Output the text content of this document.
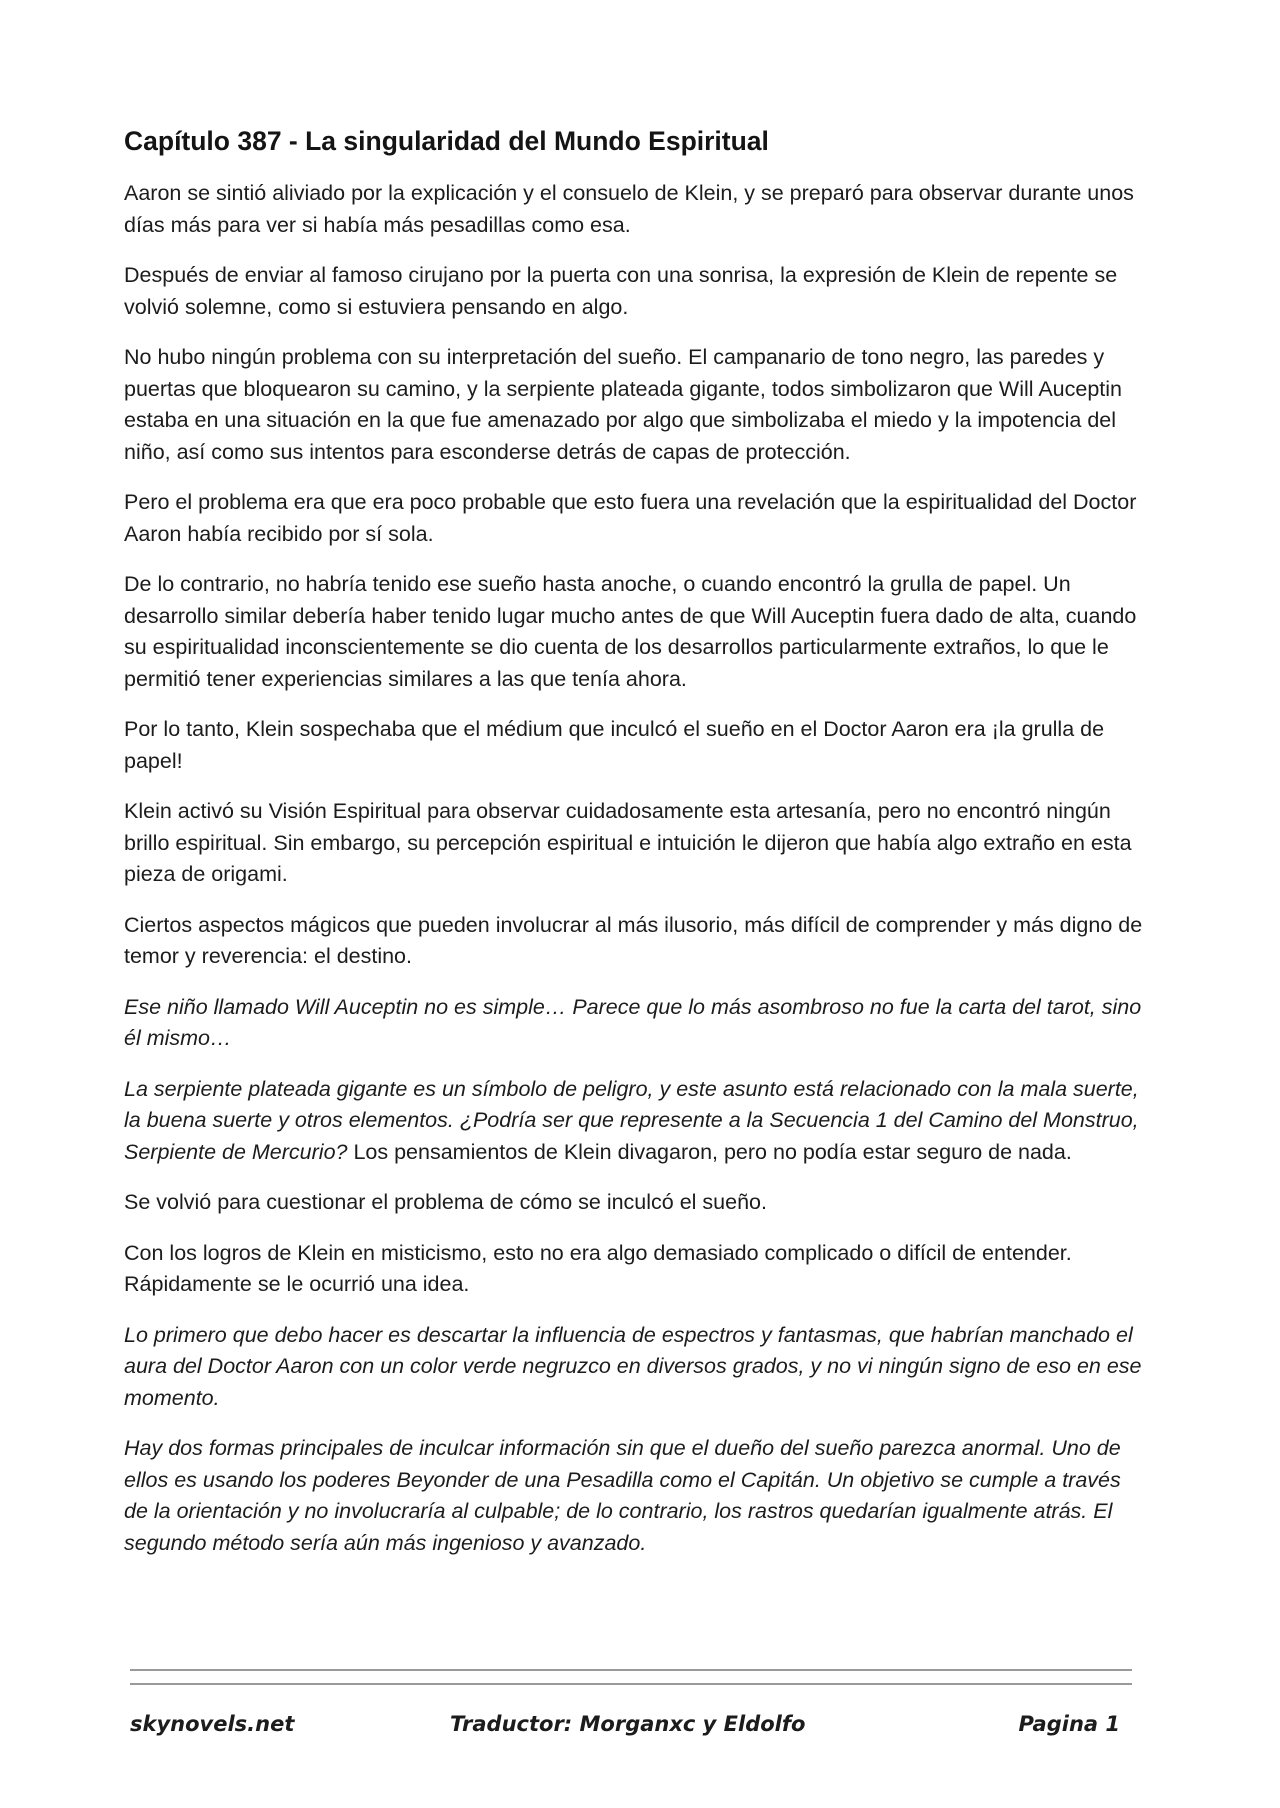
Capítulo 387 - La singularidad del Mundo Espiritual

Aaron se sintió aliviado por la explicación y el consuelo de Klein, y se preparó para observar durante unos días más para ver si había más pesadillas como esa.

Después de enviar al famoso cirujano por la puerta con una sonrisa, la expresión de Klein de repente se volvió solemne, como si estuviera pensando en algo.

No hubo ningún problema con su interpretación del sueño. El campanario de tono negro, las paredes y puertas que bloquearon su camino, y la serpiente plateada gigante, todos simbolizaron que Will Auceptin estaba en una situación en la que fue amenazado por algo que simbolizaba el miedo y la impotencia del niño, así como sus intentos para esconderse detrás de capas de protección.

Pero el problema era que era poco probable que esto fuera una revelación que la espiritualidad del Doctor Aaron había recibido por sí sola.

De lo contrario, no habría tenido ese sueño hasta anoche, o cuando encontró la grulla de papel. Un desarrollo similar debería haber tenido lugar mucho antes de que Will Auceptin fuera dado de alta, cuando su espiritualidad inconscientemente se dio cuenta de los desarrollos particularmente extraños, lo que le permitió tener experiencias similares a las que tenía ahora.

Por lo tanto, Klein sospechaba que el médium que inculcó el sueño en el Doctor Aaron era ¡la grulla de papel!

Klein activó su Visión Espiritual para observar cuidadosamente esta artesanía, pero no encontró ningún brillo espiritual. Sin embargo, su percepción espiritual e intuición le dijeron que había algo extraño en esta pieza de origami.

Ciertos aspectos mágicos que pueden involucrar al más ilusorio, más difícil de comprender y más digno de temor y reverencia: el destino.

Ese niño llamado Will Auceptin no es simple… Parece que lo más asombroso no fue la carta del tarot, sino él mismo…

La serpiente plateada gigante es un símbolo de peligro, y este asunto está relacionado con la mala suerte, la buena suerte y otros elementos. ¿Podría ser que represente a la Secuencia 1 del Camino del Monstruo, Serpiente de Mercurio? Los pensamientos de Klein divagaron, pero no podía estar seguro de nada.

Se volvió para cuestionar el problema de cómo se inculcó el sueño.

Con los logros de Klein en misticismo, esto no era algo demasiado complicado o difícil de entender. Rápidamente se le ocurrió una idea.

Lo primero que debo hacer es descartar la influencia de espectros y fantasmas, que habrían manchado el aura del Doctor Aaron con un color verde negruzco en diversos grados, y no vi ningún signo de eso en ese momento.

Hay dos formas principales de inculcar información sin que el dueño del sueño parezca anormal. Uno de ellos es usando los poderes Beyonder de una Pesadilla como el Capitán. Un objetivo se cumple a través de la orientación y no involucraría al culpable; de lo contrario, los rastros quedarían igualmente atrás. El segundo método sería aún más ingenioso y avanzado.

skynovels.net	Traductor: Morganxc y Eldolfo	Pagina 1
